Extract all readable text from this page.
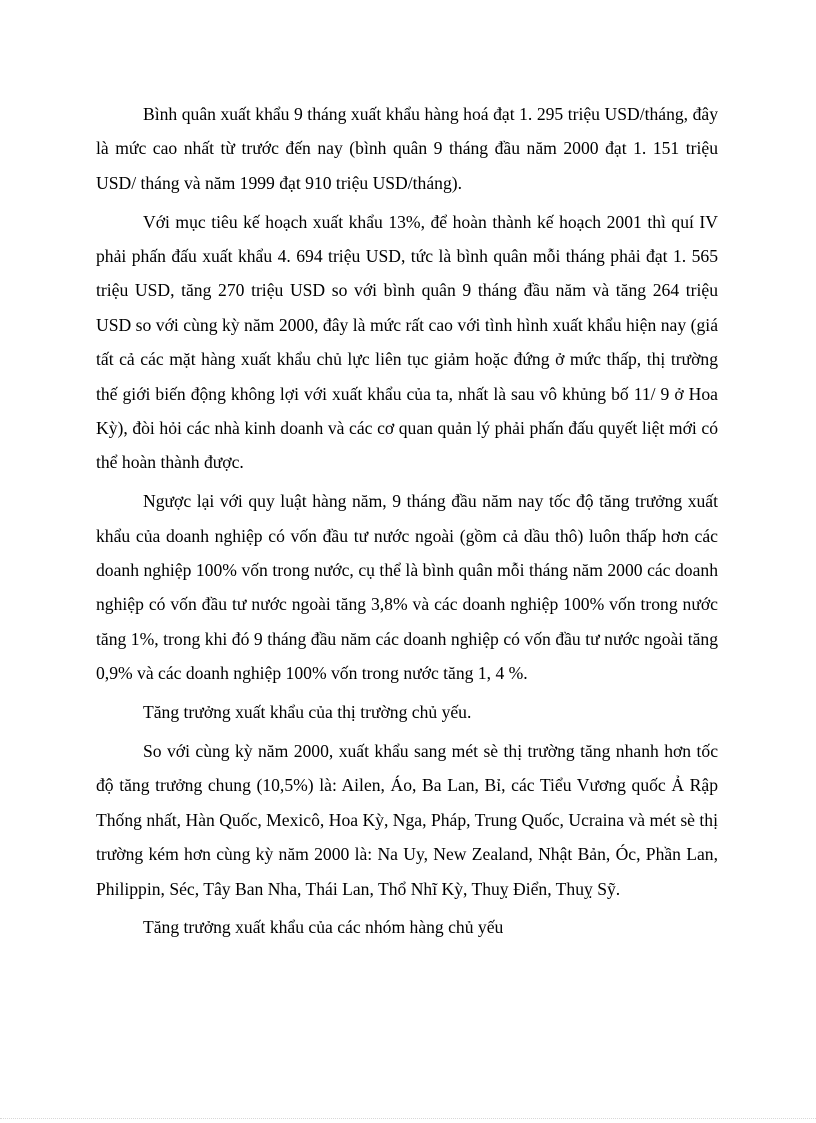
Bình quân xuất khẩu 9 tháng xuất khẩu hàng hoá đạt 1. 295 triệu USD/tháng, đây là mức cao nhất từ trước đến nay (bình quân 9 tháng đầu năm 2000 đạt 1. 151 triệu USD/ tháng và năm 1999 đạt 910 triệu USD/tháng).

Với mục tiêu kế hoạch xuất khẩu 13%, để hoàn thành kế hoạch 2001 thì quí IV phải phấn đấu xuất khẩu 4. 694 triệu USD, tức là bình quân mỗi tháng phải đạt 1. 565 triệu USD, tăng 270 triệu USD so với bình quân 9 tháng đầu năm và tăng 264 triệu USD so với cùng kỳ năm 2000, đây là mức rất cao với tình hình xuất khẩu hiện nay (giá tất cả các mặt hàng xuất khẩu chủ lực liên tục giảm hoặc đứng ở mức thấp, thị trường thế giới biến động không lợi với xuất khẩu của ta, nhất là sau vô khủng bố 11/ 9 ở Hoa Kỳ), đòi hỏi các nhà kinh doanh và các cơ quan quản lý phải phấn đấu quyết liệt mới có thể hoàn thành được.

Ngược lại với quy luật hàng năm, 9 tháng đầu năm nay tốc độ tăng trưởng xuất khẩu của doanh nghiệp có vốn đầu tư nước ngoài (gồm cả dầu thô) luôn thấp hơn các doanh nghiệp 100% vốn trong nước, cụ thể là bình quân mỗi tháng năm 2000 các doanh nghiệp có vốn đầu tư nước ngoài tăng 3,8% và các doanh nghiệp 100% vốn trong nước tăng 1%, trong khi đó 9 tháng đầu năm các doanh nghiệp có vốn đầu tư nước ngoài tăng 0,9% và các doanh nghiệp 100% vốn trong nước tăng 1, 4 %.

Tăng trưởng xuất khẩu của thị trường chủ yếu.

So với cùng kỳ năm 2000, xuất khẩu sang mét sè thị trường tăng nhanh hơn tốc độ tăng trưởng chung (10,5%) là: Ailen, Áo, Ba Lan, Bỉ, các Tiểu Vương quốc Ả Rập Thống nhất, Hàn Quốc, Mexicô, Hoa Kỳ, Nga, Pháp, Trung Quốc, Ucraina và mét sè thị trường kém hơn cùng kỳ năm 2000 là: Na Uy, New Zealand, Nhật Bản, Óc, Phần Lan, Philippin, Séc, Tây Ban Nha, Thái Lan, Thổ Nhĩ Kỳ, Thuỵ Điển, Thuỵ Sỹ.

Tăng trưởng xuất khẩu của các nhóm hàng chủ yếu
